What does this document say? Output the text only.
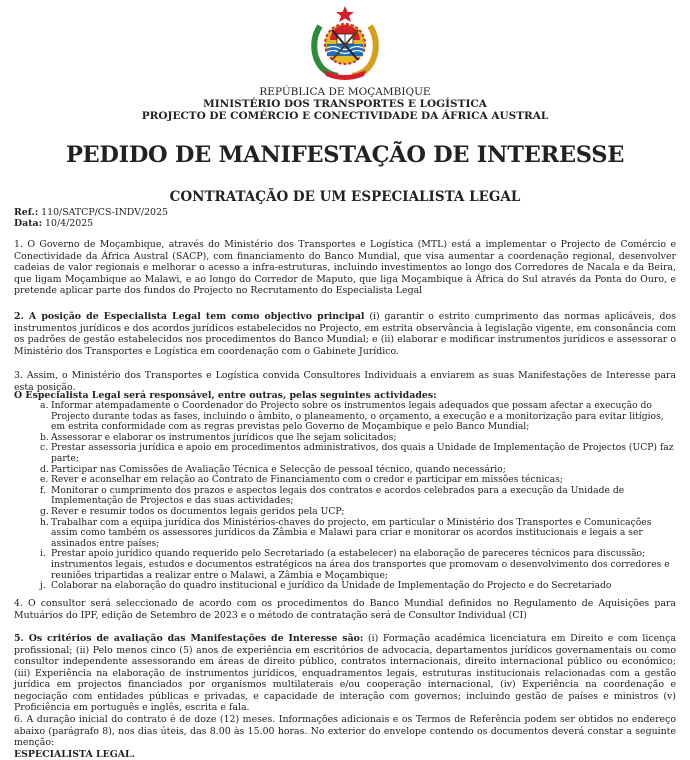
REPÚBLICA DE MOÇAMBIQUE
MINISTÉRIO DOS TRANSPORTES E LOGÍSTICA
PROJECTO DE COMÉRCIO E CONECTIVIDADE DA ÁFRICA AUSTRAL
PEDIDO DE MANIFESTAÇÃO DE INTERESSE
CONTRATAÇÃO DE UM ESPECIALISTA LEGAL
Ref.: 110/SATCP/CS-INDV/2025
Data: 10/4/2025
1. O Governo de Moçambique, através do Ministério dos Transportes e Logística (MTL) está a implementar o Projecto de Comércio e Conectividade da África Austral (SACP), com financiamento do Banco Mundial, que visa aumentar a coordenação regional, desenvolver cadeias de valor regionais e melhorar o acesso a infra-estruturas, incluindo investimentos ao longo dos Corredores de Nacala e da Beira, que ligam Moçambique ao Malawi, e ao longo do Corredor de Maputo, que liga Moçambique à África do Sul através da Ponta do Ouro, e pretende aplicar parte dos fundos do Projecto no Recrutamento do Especialista Legal
2. A posição de Especialista Legal tem como objectivo principal (i) garantir o estrito cumprimento das normas aplicáveis, dos instrumentos jurídicos e dos acordos jurídicos estabelecidos no Projecto, em estrita observância à legislação vigente, em consonância com os padrões de gestão estabelecidos nos procedimentos do Banco Mundial; e (ii) elaborar e modificar instrumentos jurídicos e assessorar o Ministério dos Transportes e Logística em coordenação com o Gabinete Jurídico.
3. Assim, o Ministério dos Transportes e Logística convida Consultores Individuais a enviarem as suas Manifestações de Interesse para esta posição.
O Especialista Legal será responsável, entre outras, pelas seguintes actividades:
a. Informar atempadamente o Coordenador do Projecto sobre os instrumentos legais adequados que possam afectar a execução do Projecto durante todas as fases, incluindo o âmbito, o planeamento, o orçamento, a execução e a monitorização para evitar litígios, em estrita conformidade com as regras previstas pelo Governo de Moçambique e pelo Banco Mundial;
b. Assessorar e elaborar os instrumentos jurídicos que lhe sejam solicitados;
c. Prestar assessoria jurídica e apoio em procedimentos administrativos, dos quais a Unidade de Implementação de Projectos (UCP) faz parte;
d. Participar nas Comissões de Avaliação Técnica e Selecção de pessoal técnico, quando necessário;
e. Rever e aconselhar em relação ao Contrato de Financiamento com o credor e participar em missões técnicas;
f. Monitorar o cumprimento dos prazos e aspectos legais dos contratos e acordos celebrados para a execução da Unidade de Implementação de Projectos e das suas actividades;
g. Rever e resumir todos os documentos legais geridos pela UCP;
h. Trabalhar com a equipa jurídica dos Ministérios-chaves do projecto, em particular o Ministério dos Transportes e Comunicações assim como também os assessores jurídicos da Zâmbia e Malawi para criar e monitorar os acordos institucionais e legais a ser assinados entre países;
i. Prestar apoio jurídico quando requerido pelo Secretariado (a estabelecer) na elaboração de pareceres técnicos para discussão; instrumentos legais, estudos e documentos estratégicos na área dos transportes que promovam o desenvolvimento dos corredores e reuniões tripartidas a realizar entre o Malawi, a Zâmbia e Moçambique;
j. Colaborar na elaboração do quadro institucional e jurídico da Unidade de Implementação do Projecto e do Secretariado
4. O consultor será seleccionado de acordo com os procedimentos do Banco Mundial definidos no Regulamento de Aquisições para Mutuários do IPF, edição de Setembro de 2023 e o método de contratação será de Consultor Individual (CI)
5. Os critérios de avaliação das Manifestações de Interesse são: (i) Formação académica licenciatura em Direito e com licença profissional; (ii) Pelo menos cinco (5) anos de experiência em escritórios de advocacia, departamentos jurídicos governamentais ou como consultor independente assessorando em áreas de direito público, contratos internacionais, direito internacional público ou económico; (iii) Experiência na elaboração de instrumentos jurídicos, enquadramentos legais, estruturas institucionais relacionadas com a gestão jurídica em projectos financiados por organismos multilaterais e/ou cooperação internacional, (iv) Experiência na coordenação e negociação com entidades públicas e privadas, e capacidade de interação com governos; incluindo gestão de países e ministros (v) Proficiência em português e inglês, escrita e fala.
6. A duração inicial do contrato é de doze (12) meses. Informações adicionais e os Termos de Referência podem ser obtidos no endereço abaixo (parágrafo 8), nos dias úteis, das 8.00 às 15.00 horas. No exterior do envelope contendo os documentos deverá constar a seguinte menção:
ESPECIALISTA LEGAL.
